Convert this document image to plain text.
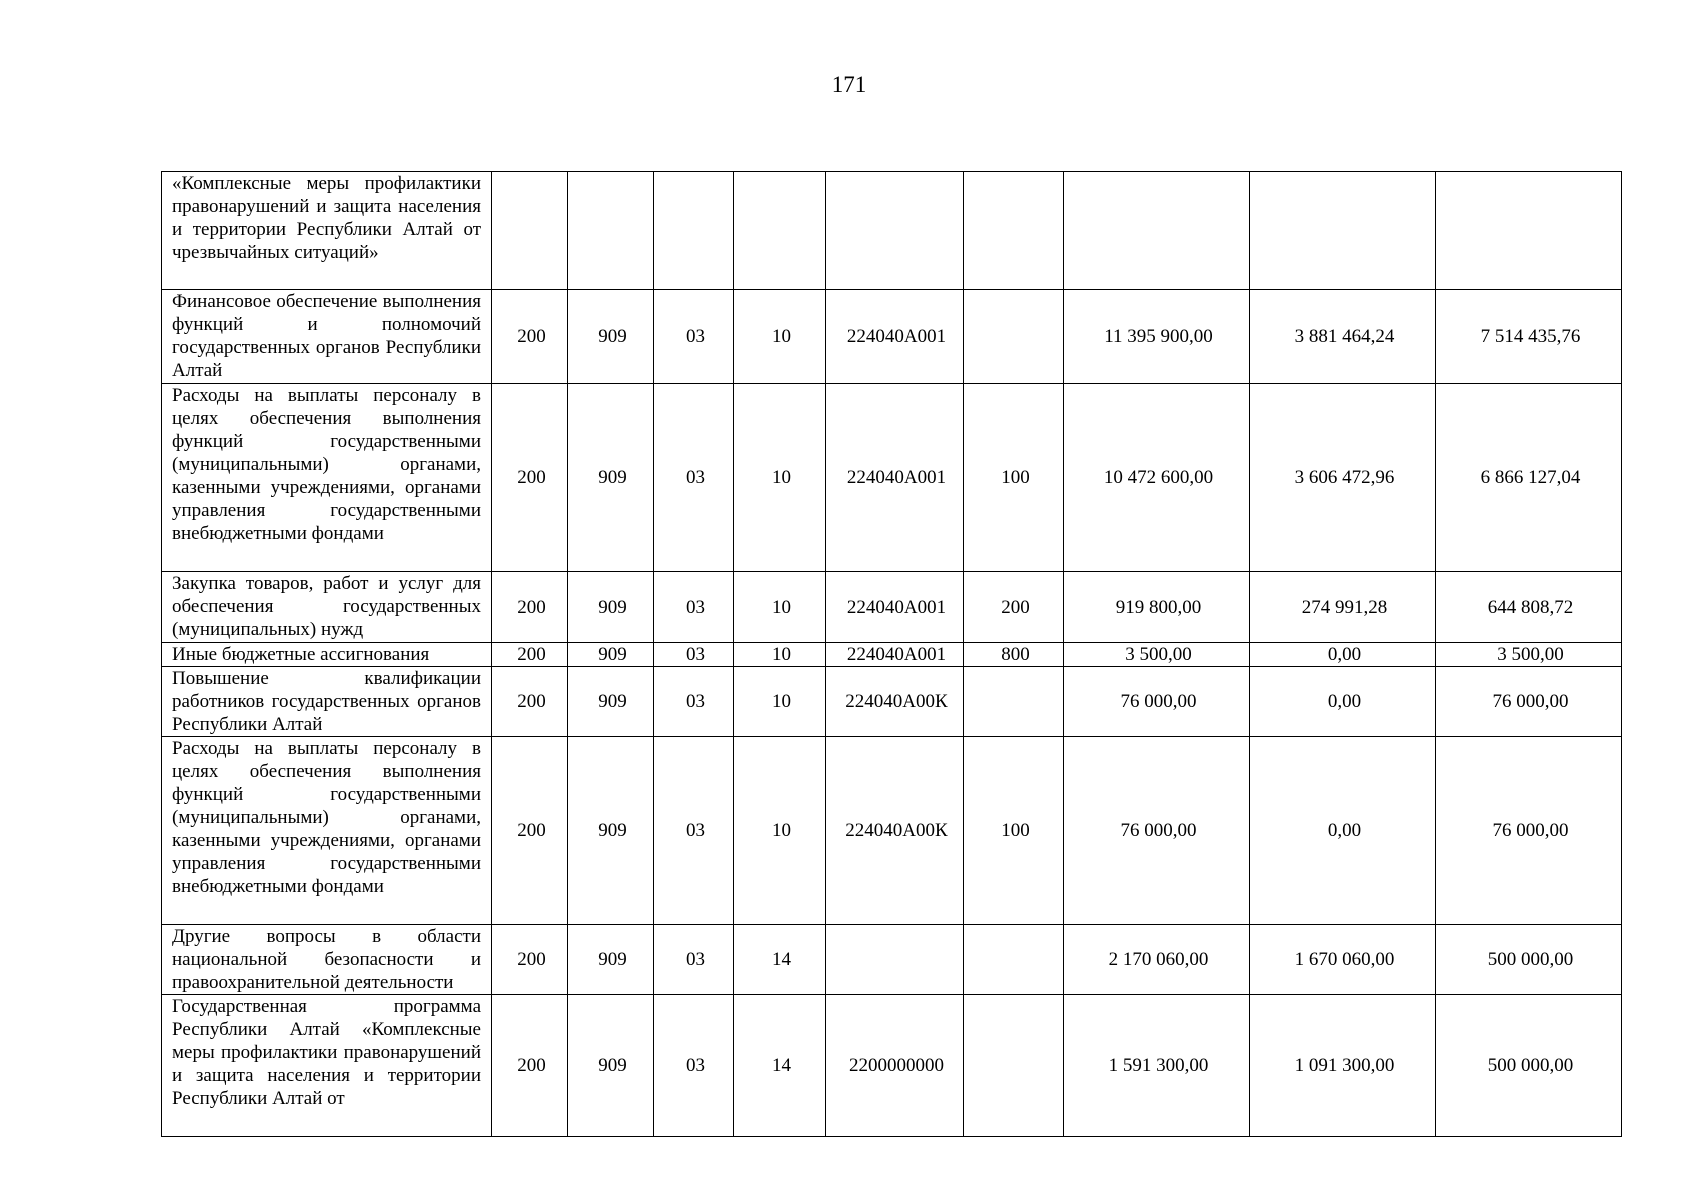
171
«Комплексные меры профилактики правонарушений и защита населения и территории Республики Алтай от чрезвычайных ситуаций»									
Финансовое обеспечение выполнения функций и полномочий государственных органов Республики Алтай	200	909	03	10	224040А001		11 395 900,00	3 881 464,24	7 514 435,76
Расходы на выплаты персоналу в целях обеспечения выполнения функций государственными (муниципальными) органами, казенными учреждениями, органами управления государственными внебюджетными фондами	200	909	03	10	224040А001	100	10 472 600,00	3 606 472,96	6 866 127,04
Закупка товаров, работ и услуг для обеспечения государственных (муниципальных) нужд	200	909	03	10	224040А001	200	919 800,00	274 991,28	644 808,72
Иные бюджетные ассигнования	200	909	03	10	224040А001	800	3 500,00	0,00	3 500,00
Повышение квалификации работников государственных органов Республики Алтай	200	909	03	10	224040А00К		76 000,00	0,00	76 000,00
Расходы на выплаты персоналу в целях обеспечения выполнения функций государственными (муниципальными) органами, казенными учреждениями, органами управления государственными внебюджетными фондами	200	909	03	10	224040А00К	100	76 000,00	0,00	76 000,00
Другие вопросы в области национальной безопасности и правоохранительной деятельности	200	909	03	14			2 170 060,00	1 670 060,00	500 000,00
Государственная программа Республики Алтай «Комплексные меры профилактики правонарушений и защита населения и территории Республики Алтай от	200	909	03	14	2200000000		1 591 300,00	1 091 300,00	500 000,00
